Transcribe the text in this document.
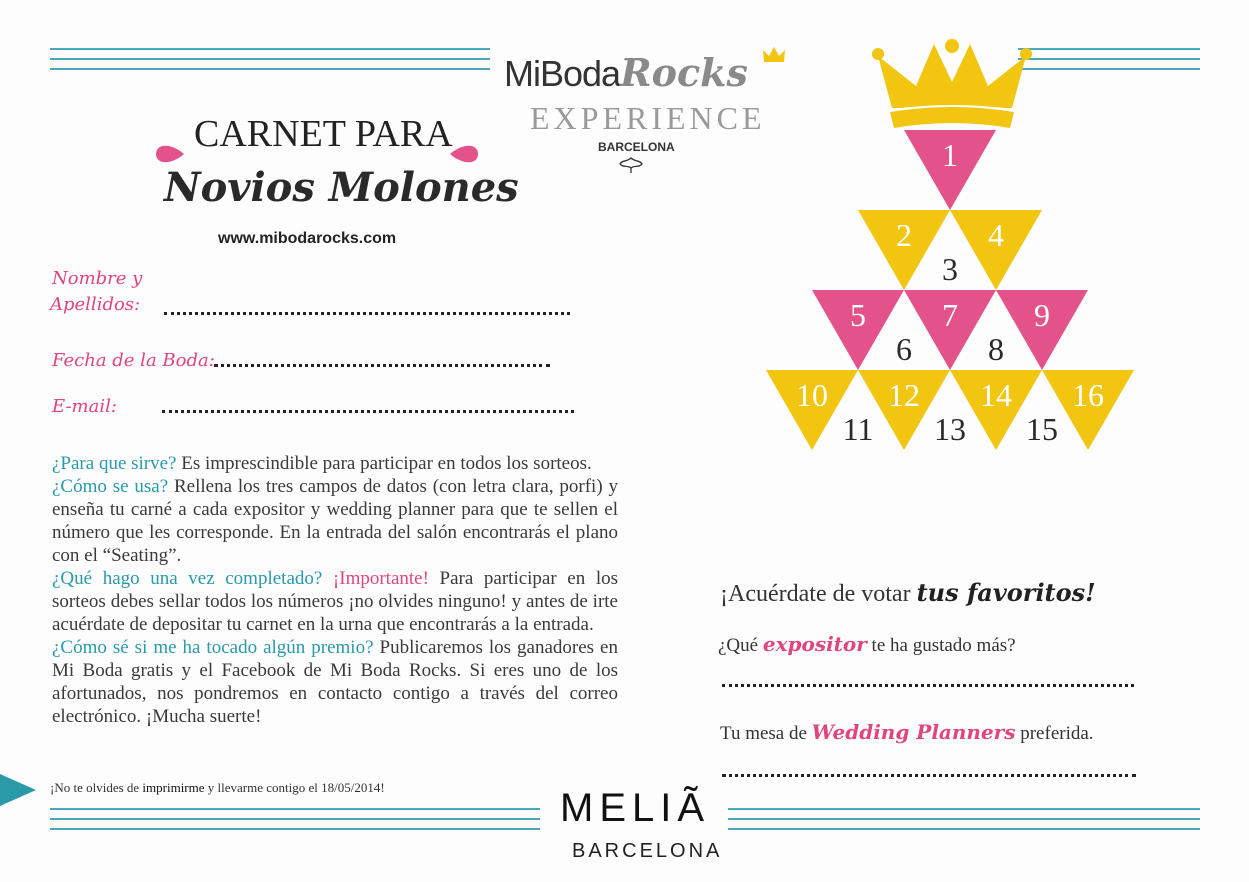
MiBodaRocks
EXPERIENCE
BARCELONA
CARNET PARA
Novios Molones
www.mibodarocks.com
Nombre y
Apellidos:
Fecha de la Boda:
E-mail:

¿Para que sirve? Es imprescindible para participar en todos los sorteos.

¿Cómo se usa? Rellena los tres campos de datos (con letra clara, porfi) y enseña tu carné a cada expositor y wedding planner para que te sellen el número que les corresponde. En la entrada del salón encontrarás el plano con el “Seating”.

¿Qué hago una vez completado? ¡Importante! Para participar en los sorteos debes sellar todos los números ¡no olvides ninguno! y antes de irte acuérdate de depositar tu carnet en la urna que encontrarás a la entrada.

¿Cómo sé si me ha tocado algún premio? Publicaremos los ganadores en Mi Boda gratis y el Facebook de Mi Boda Rocks. Si eres uno de los afortunados, nos pondremos en contacto contigo a través del correo electrónico. ¡Mucha suerte!

¡No te olvides de imprimirme y llevarme contigo el 18/05/2014!	MELIÃ
BARCELONA
1
2
3
4
5
6
7
8
9
10
11
12
13
14
15
16
¡Acuérdate de votar tus favoritos!
¿Qué expositor te ha gustado más?
Tu mesa de Wedding Planners preferida.
